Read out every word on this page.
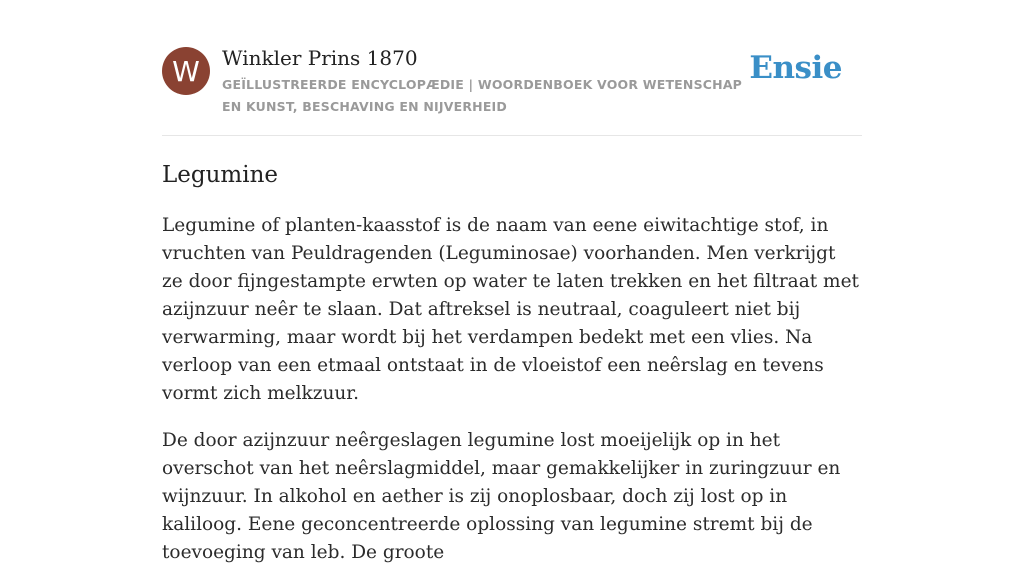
W	Winkler Prins 1870
GEÏLLUSTREERDE ENCYCLOPÆDIE | WOORDENBOEK VOOR WETENSCHAP EN KUNST, BESCHAVING EN NIJVERHEID
Ensie
Legumine

Legumine of planten-kaasstof is de naam van eene eiwitachtige stof, in vruchten van Peuldragenden (Leguminosae) voorhanden. Men verkrijgt ze door fijngestampte erwten op water te laten trekken en het filtraat met azijnzuur neêr te slaan. Dat aftreksel is neutraal, coaguleert niet bij verwarming, maar wordt bij het verdampen bedekt met een vlies. Na verloop van een etmaal ontstaat in de vloeistof een neêrslag en tevens vormt zich melkzuur.

De door azijnzuur neêrgeslagen legumine lost moeijelijk op in het overschot van het neêrslagmiddel, maar gemakkelijker in zuringzuur en wijnzuur. In alkohol en aether is zij onoplosbaar, doch zij lost op in kaliloog. Eene geconcentreerde oplossing van legumine stremt bij de toevoeging van leb. De groote
